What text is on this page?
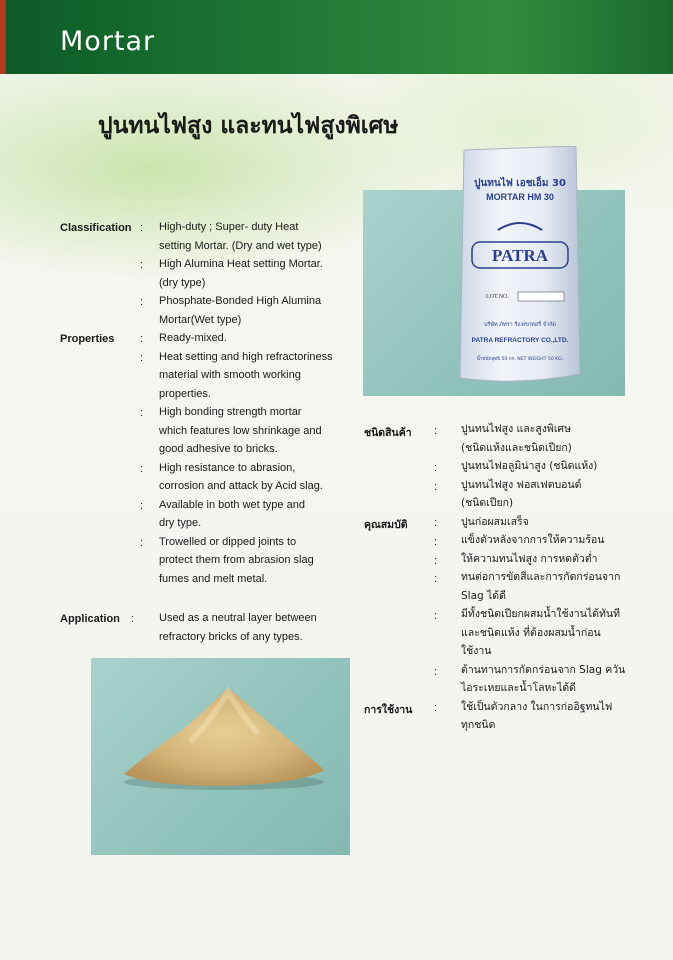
Mortar
ปูนทนไฟสูง และทนไฟสูงพิเศษ
ปูนทนไฟ เอชเอ็ม 30
MORTAR HM 30
PATRA
LOT.NO.
บริษัท ภัทรา รีแฟรกทอรี่ จำกัด
PATRA REFRACTORY CO.,LTD.
น้ำหนักสุทธิ 50 กก. NET WEIGHT 50 KG.
Classification : High-duty ; Super- duty Heat
setting Mortar. (Dry and wet type)
: High Alumina Heat setting Mortar.
(dry type)
: Phosphate-Bonded High Alumina
Mortar(Wet type)
Properties : Ready-mixed.
: Heat setting and high refractoriness
material with smooth working
properties.
: High bonding strength mortar
which features low shrinkage and
good adhesive to bricks.
: High resistance to abrasion,
corrosion and attack by Acid slag.
: Available in both wet type and
dry type.
: Trowelled or dipped joints to
protect them from abrasion slag
fumes and melt metal.
Application : Used as a neutral layer between
refractory bricks of any types.
ชนิดสินค้า : ปูนทนไฟสูง และสูงพิเศษ
(ชนิดแห้งและชนิดเปียก)
: ปูนทนไฟอลูมิน่าสูง (ชนิดแห้ง)
: ปูนทนไฟสูง ฟอสเฟตบอนด์
(ชนิดเปียก)
คุณสมบัติ : ปูนก่อผสมเสร็จ
: แข็งตัวหลังจากการให้ความร้อน
: ให้ความทนไฟสูง การหดตัวต่ำ
: ทนต่อการขัดสีและการกัดกร่อนจาก
Slag ได้ดี
: มีทั้งชนิดเปียกผสมน้ำใช้งานได้ทันที
และชนิดแห้ง ที่ต้องผสมน้ำก่อน
ใช้งาน
: ต้านทานการกัดกร่อนจาก Slag ควัน
ไอระเหยและน้ำโลหะได้ดี
การใช้งาน : ใช้เป็นตัวกลาง ในการก่ออิฐทนไฟ
ทุกชนิด
